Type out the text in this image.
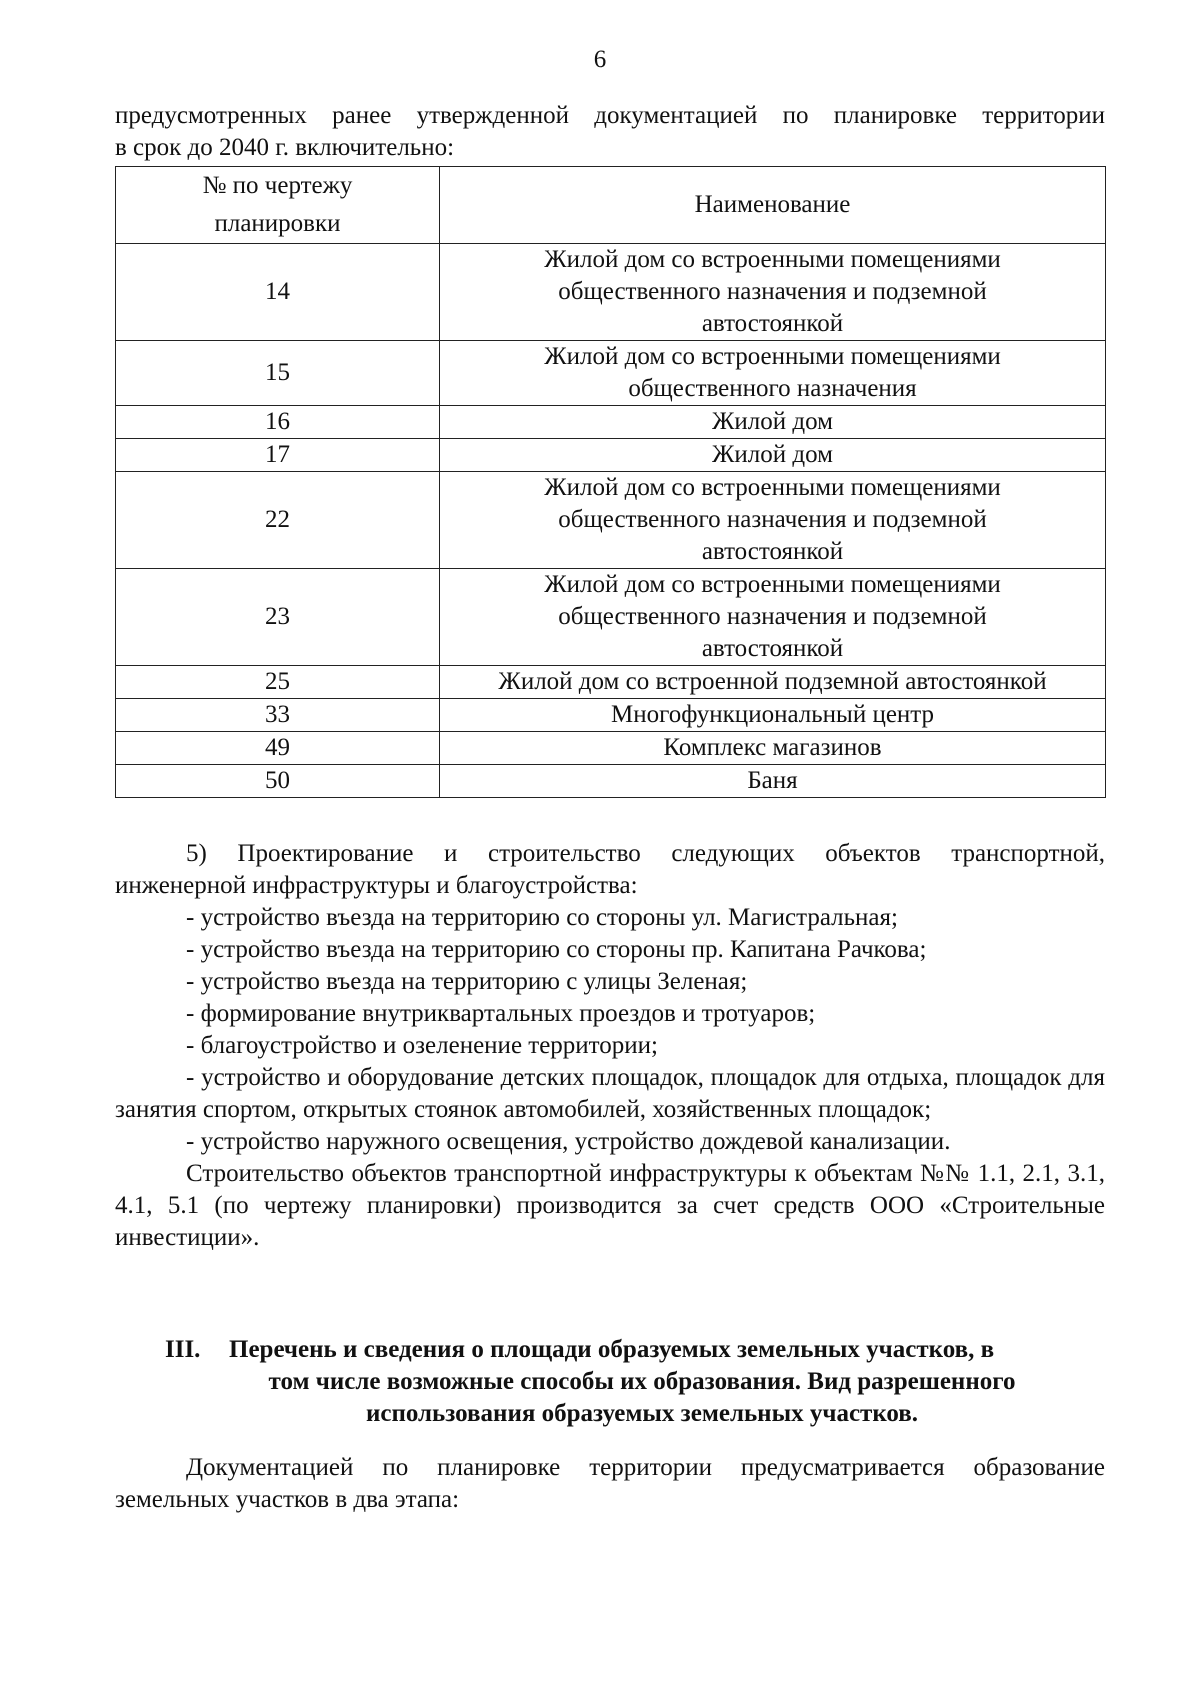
6
предусмотренных ранее утвержденной документацией по планировке территории
в срок до 2040 г. включительно:
№ по чертежу планировки	Наименование
14	Жилой дом со встроенными помещениями
общественного назначения и подземной
автостоянкой
15	Жилой дом со встроенными помещениями
общественного назначения
16	Жилой дом
17	Жилой дом
22	Жилой дом со встроенными помещениями
общественного назначения и подземной
автостоянкой
23	Жилой дом со встроенными помещениями
общественного назначения и подземной
автостоянкой
25	Жилой дом со встроенной подземной автостоянкой
33	Многофункциональный центр
49	Комплекс магазинов
50	Баня

5) Проектирование и строительство следующих объектов транспортной,

инженерной инфраструктуры и благоустройства:

- устройство въезда на территорию со стороны ул. Магистральная;

- устройство въезда на территорию со стороны пр. Капитана Рачкова;

- устройство въезда на территорию с улицы Зеленая;

- формирование внутриквартальных проездов и тротуаров;

- благоустройство и озеленение территории;

- устройство и оборудование детских площадок, площадок для отдыха, площадок для занятия спортом, открытых стоянок автомобилей, хозяйственных площадок;

- устройство наружного освещения, устройство дождевой канализации.

Строительство объектов транспортной инфраструктуры к объектам №№ 1.1, 2.1, 3.1, 4.1, 5.1 (по чертежу планировки) производится за счет средств ООО «Строительные инвестиции».

III. Перечень и сведения о площади образуемых земельных участков, в
том числе возможные способы их образования. Вид разрешенного
использования образуемых земельных участков.

Документацией по планировке территории предусматривается образование земельных участков в два этапа:
